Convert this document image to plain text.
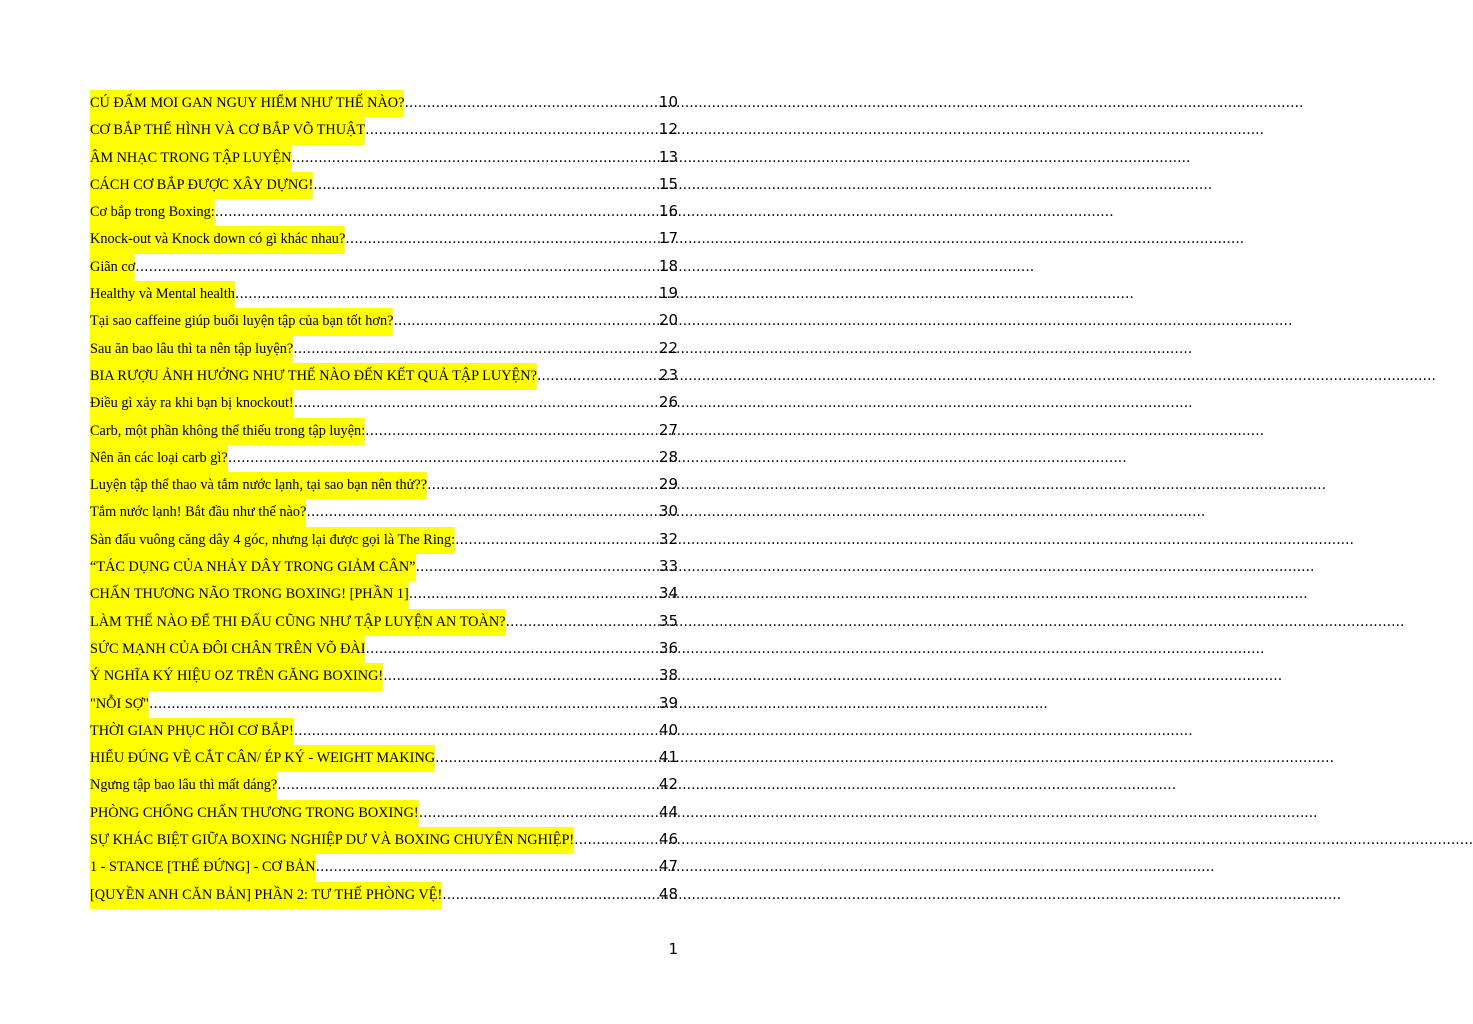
CÚ ĐẤM MOI GAN NGUY HIỂM NHƯ THẾ NÀO? .....	10
CƠ BẮP THỂ HÌNH VÀ CƠ BẮP VÕ THUẬT .....	12
ÂM NHẠC TRONG TẬP LUYỆN .....	13
CÁCH CƠ BẮP ĐƯỢC XÂY DỰNG! .....	15
Cơ bắp trong Boxing: .....	16
Knock-out và Knock down có gì khác nhau? .....	17
Giãn cơ .....	18
Healthy và Mental health .....	19
Tại sao caffeine giúp buổi luyện tập của bạn tốt hơn? .....	20
Sau ăn bao lâu thì ta nên tập luyện? .....	22
BIA RƯỢU ẢNH HƯỞNG NHƯ THẾ NÀO ĐẾN KẾT QUẢ TẬP LUYỆN? .....	23
Điều gì xảy ra khi bạn bị knockout! .....	26
Carb, một phần không thể thiếu trong tập luyện: .....	27
Nên ăn các loại carb gì? .....	28
Luyện tập thể thao và tắm nước lạnh, tại sao bạn nên thử?? .....	29
Tắm nước lạnh! Bắt đầu như thế nào? .....	30
Sàn đấu vuông căng dây 4 góc, nhưng lại được gọi là The Ring: .....	32
“TÁC DỤNG CỦA NHẢY DÂY TRONG GIẢM CÂN” .....	33
CHẤN THƯƠNG NÃO TRONG BOXING! [PHẦN 1] .....	34
LÀM THẾ NÀO ĐỂ THI ĐẤU CŨNG NHƯ TẬP LUYỆN AN TOÀN? .....	35
SỨC MẠNH CỦA ĐÔI CHÂN TRÊN VÕ ĐÀI .....	36
Ý NGHĨA KÝ HIỆU OZ TRÊN GĂNG BOXING! .....	38
"NỖI SỢ" .....	39
THỜI GIAN PHỤC HỒI CƠ BẮP! .....	40
HIỂU ĐÚNG VỀ CẮT CÂN/ ÉP KÝ - WEIGHT MAKING .....	41
Ngưng tập bao lâu thì mất dáng? .....	42
PHÒNG CHỐNG CHẤN THƯƠNG TRONG BOXING! .....	44
SỰ KHÁC BIỆT GIỮA BOXING NGHIỆP DƯ VÀ BOXING CHUYÊN NGHIỆP! .....	46
1 - STANCE [THẾ ĐỨNG] - CƠ BẢN .....	47
[QUYỀN ANH CĂN BẢN] PHẦN 2: TƯ THẾ PHÒNG VỆ! .....	48
1
